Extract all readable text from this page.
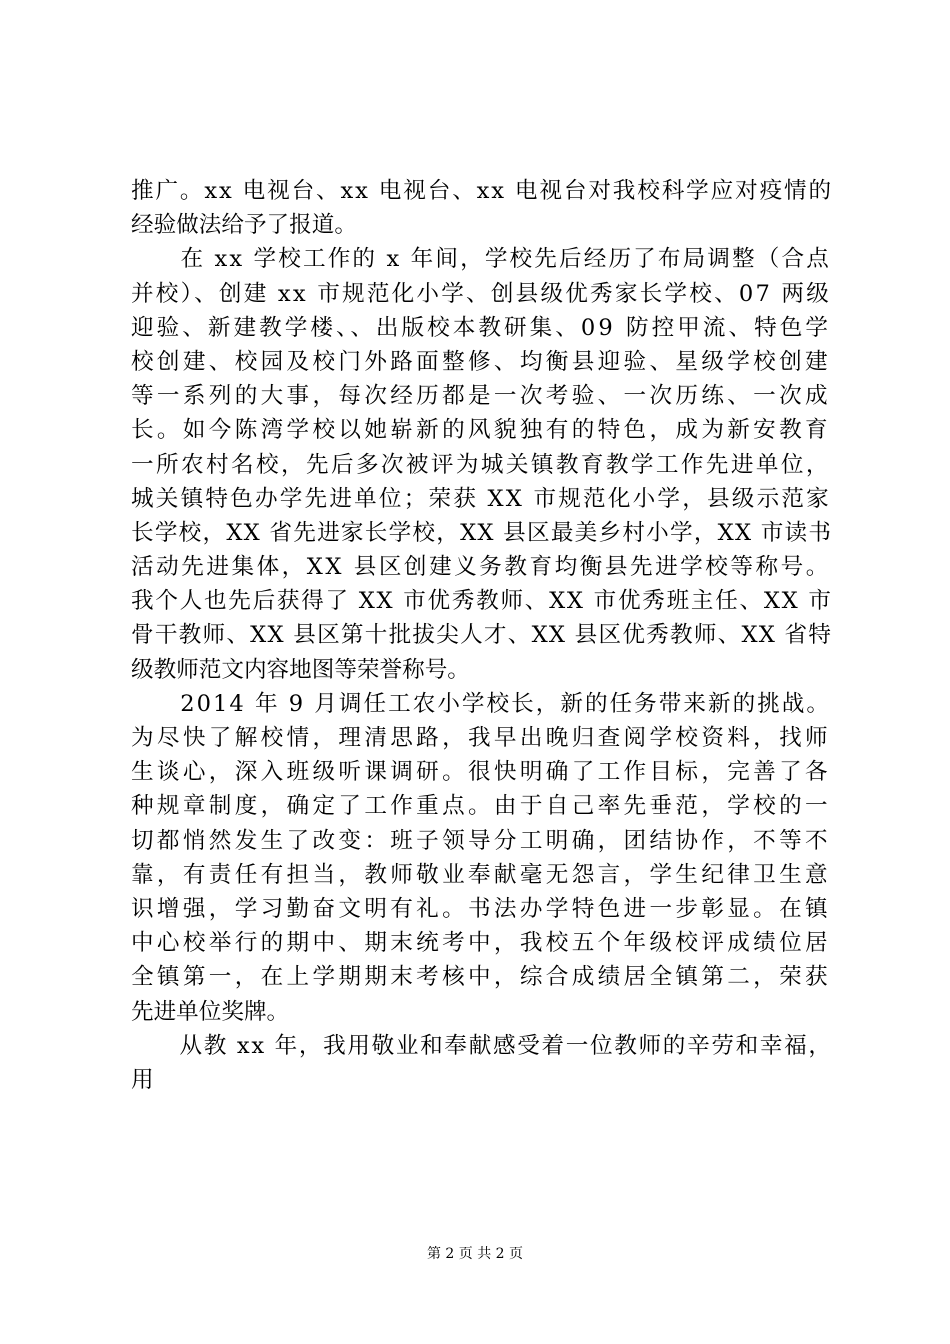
推广。xx 电视台、xx 电视台、xx 电视台对我校科学应对疫情的
经验做法给予了报道。
　　在 xx 学校工作的 x 年间，学校先后经历了布局调整（合点
并校）、创建 xx 市规范化小学、创县级优秀家长学校、07 两级
迎验、新建教学楼、、出版校本教研集、09 防控甲流、特色学
校创建、校园及校门外路面整修、均衡县迎验、星级学校创建
等一系列的大事，每次经历都是一次考验、一次历练、一次成
长。如今陈湾学校以她崭新的风貌独有的特色，成为新安教育
一所农村名校，先后多次被评为城关镇教育教学工作先进单位，
城关镇特色办学先进单位；荣获 XX 市规范化小学，县级示范家
长学校，XX 省先进家长学校，XX 县区最美乡村小学，XX 市读书
活动先进集体，XX 县区创建义务教育均衡县先进学校等称号。
我个人也先后获得了 XX 市优秀教师、XX 市优秀班主任、XX 市
骨干教师、XX 县区第十批拔尖人才、XX 县区优秀教师、XX 省特
级教师范文内容地图等荣誉称号。
　　2014 年 9 月调任工农小学校长，新的任务带来新的挑战。
为尽快了解校情，理清思路，我早出晚归查阅学校资料，找师
生谈心，深入班级听课调研。很快明确了工作目标，完善了各
种规章制度，确定了工作重点。由于自己率先垂范，学校的一
切都悄然发生了改变：班子领导分工明确，团结协作，不等不
靠，有责任有担当，教师敬业奉献毫无怨言，学生纪律卫生意
识增强，学习勤奋文明有礼。书法办学特色进一步彰显。在镇
中心校举行的期中、期末统考中，我校五个年级校评成绩位居
全镇第一，在上学期期末考核中，综合成绩居全镇第二，荣获
先进单位奖牌。
　　从教 xx 年，我用敬业和奉献感受着一位教师的辛劳和幸福，
用
第 2 页 共 2 页
